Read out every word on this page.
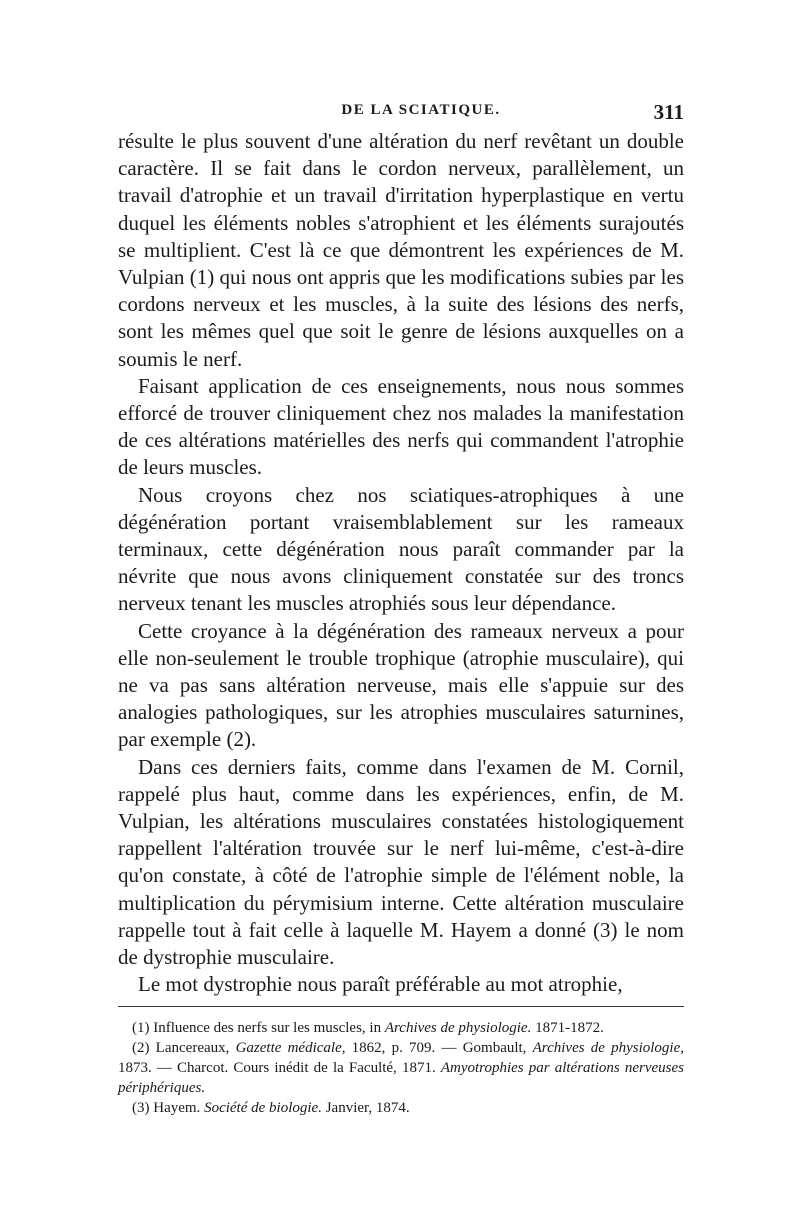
DE LA SCIATIQUE.	311

résulte le plus souvent d'une altération du nerf revêtant un double caractère. Il se fait dans le cordon nerveux, parallèlement, un travail d'atrophie et un travail d'irritation hyperplastique en vertu duquel les éléments nobles s'atrophient et les éléments surajoutés se multiplient. C'est là ce que démontrent les expériences de M. Vulpian (1) qui nous ont appris que les modifications subies par les cordons nerveux et les muscles, à la suite des lésions des nerfs, sont les mêmes quel que soit le genre de lésions auxquelles on a soumis le nerf.

Faisant application de ces enseignements, nous nous sommes efforcé de trouver cliniquement chez nos malades la manifestation de ces altérations matérielles des nerfs qui commandent l'atrophie de leurs muscles.

Nous croyons chez nos sciatiques-atrophiques à une dégénération portant vraisemblablement sur les rameaux terminaux, cette dégénération nous paraît commander par la névrite que nous avons cliniquement constatée sur des troncs nerveux tenant les muscles atrophiés sous leur dépendance.

Cette croyance à la dégénération des rameaux nerveux a pour elle non-seulement le trouble trophique (atrophie musculaire), qui ne va pas sans altération nerveuse, mais elle s'appuie sur des analogies pathologiques, sur les atrophies musculaires saturnines, par exemple (2).

Dans ces derniers faits, comme dans l'examen de M. Cornil, rappelé plus haut, comme dans les expériences, enfin, de M. Vulpian, les altérations musculaires constatées histologiquement rappellent l'altération trouvée sur le nerf lui-même, c'est-à-dire qu'on constate, à côté de l'atrophie simple de l'élément noble, la multiplication du pérymisium interne. Cette altération musculaire rappelle tout à fait celle à laquelle M. Hayem a donné (3) le nom de dystrophie musculaire.

Le mot dystrophie nous paraît préférable au mot atrophie,

(1) Influence des nerfs sur les muscles, in Archives de physiologie. 1871-1872.

(2) Lancereaux, Gazette médicale, 1862, p. 709. — Gombault, Archives de physiologie, 1873. — Charcot. Cours inédit de la Faculté, 1871. Amyotrophies par altérations nerveuses périphériques.

(3) Hayem. Société de biologie. Janvier, 1874.
